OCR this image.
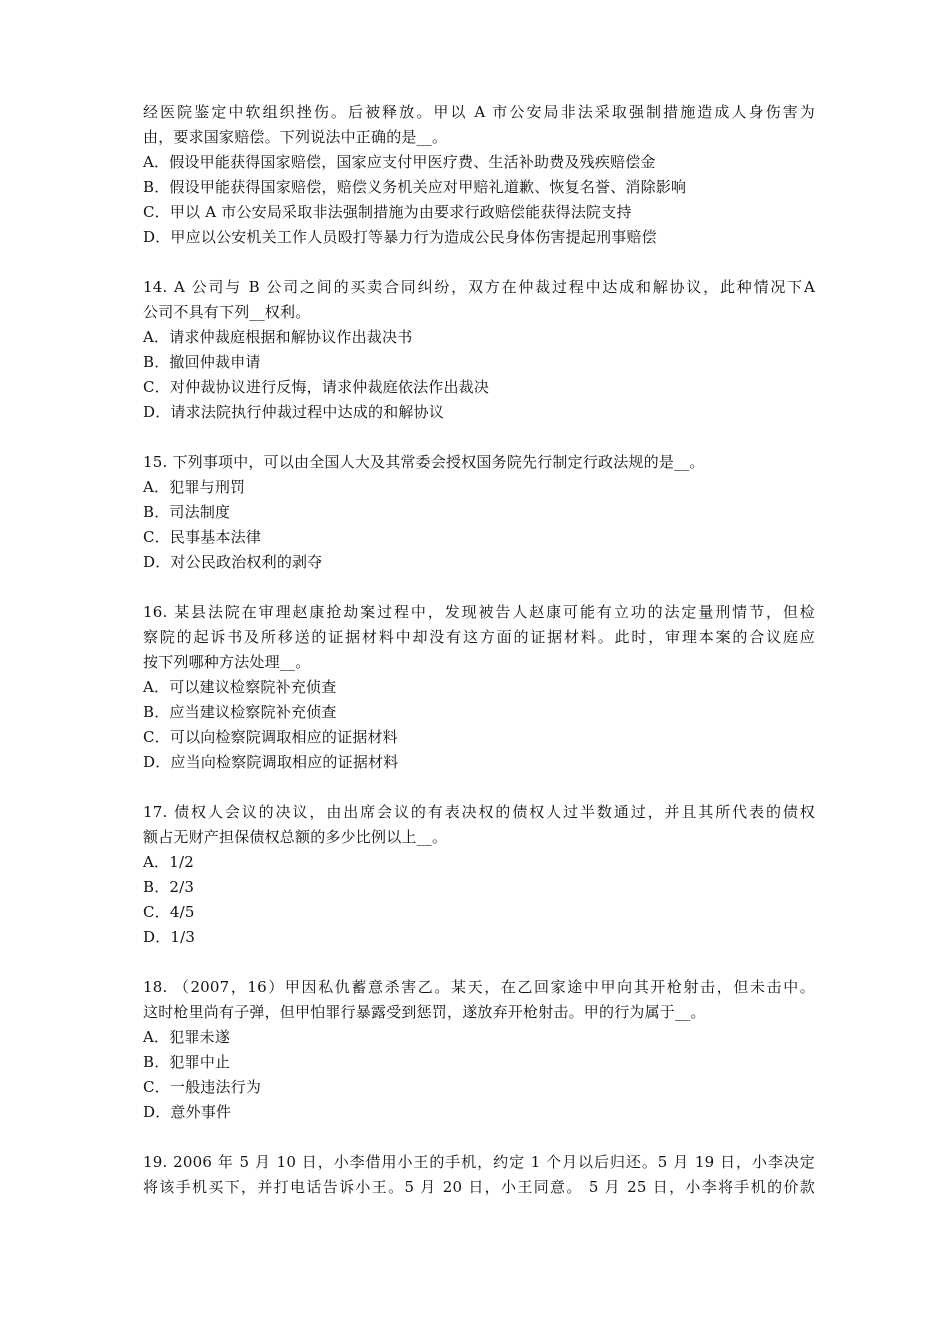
经医院鉴定中软组织挫伤。后被释放。甲以 A 市公安局非法采取强制措施造成人身伤害为
由，要求国家赔偿。下列说法中正确的是__。
A．假设甲能获得国家赔偿，国家应支付甲医疗费、生活补助费及残疾赔偿金
B．假设甲能获得国家赔偿，赔偿义务机关应对甲赔礼道歉、恢复名誉、消除影响
C．甲以 A 市公安局采取非法强制措施为由要求行政赔偿能获得法院支持
D．甲应以公安机关工作人员殴打等暴力行为造成公民身体伤害提起刑事赔偿
14. A 公司与 B 公司之间的买卖合同纠纷，双方在仲裁过程中达成和解协议，此种情况下A
公司不具有下列__权利。
A．请求仲裁庭根据和解协议作出裁决书
B．撤回仲裁申请
C．对仲裁协议进行反悔，请求仲裁庭依法作出裁决
D．请求法院执行仲裁过程中达成的和解协议
15. 下列事项中，可以由全国人大及其常委会授权国务院先行制定行政法规的是__。
A．犯罪与刑罚
B．司法制度
C．民事基本法律
D．对公民政治权利的剥夺
16. 某县法院在审理赵康抢劫案过程中，发现被告人赵康可能有立功的法定量刑情节，但检
察院的起诉书及所移送的证据材料中却没有这方面的证据材料。此时，审理本案的合议庭应
按下列哪种方法处理__。
A．可以建议检察院补充侦查
B．应当建议检察院补充侦查
C．可以向检察院调取相应的证据材料
D．应当向检察院调取相应的证据材料
17. 债权人会议的决议，由出席会议的有表决权的债权人过半数通过，并且其所代表的债权
额占无财产担保债权总额的多少比例以上__。
A．1/2
B．2/3
C．4/5
D．1/3
18. （2007，16）甲因私仇蓄意杀害乙。某天，在乙回家途中甲向其开枪射击，但未击中。
这时枪里尚有子弹，但甲怕罪行暴露受到惩罚，遂放弃开枪射击。甲的行为属于__。
A．犯罪未遂
B．犯罪中止
C．一般违法行为
D．意外事件
19. 2006 年 5 月 10 日，小李借用小王的手机，约定 1 个月以后归还。5 月 19 日，小李决定
将该手机买下，并打电话告诉小王。5 月 20 日，小王同意。 5 月 25 日，小李将手机的价款
